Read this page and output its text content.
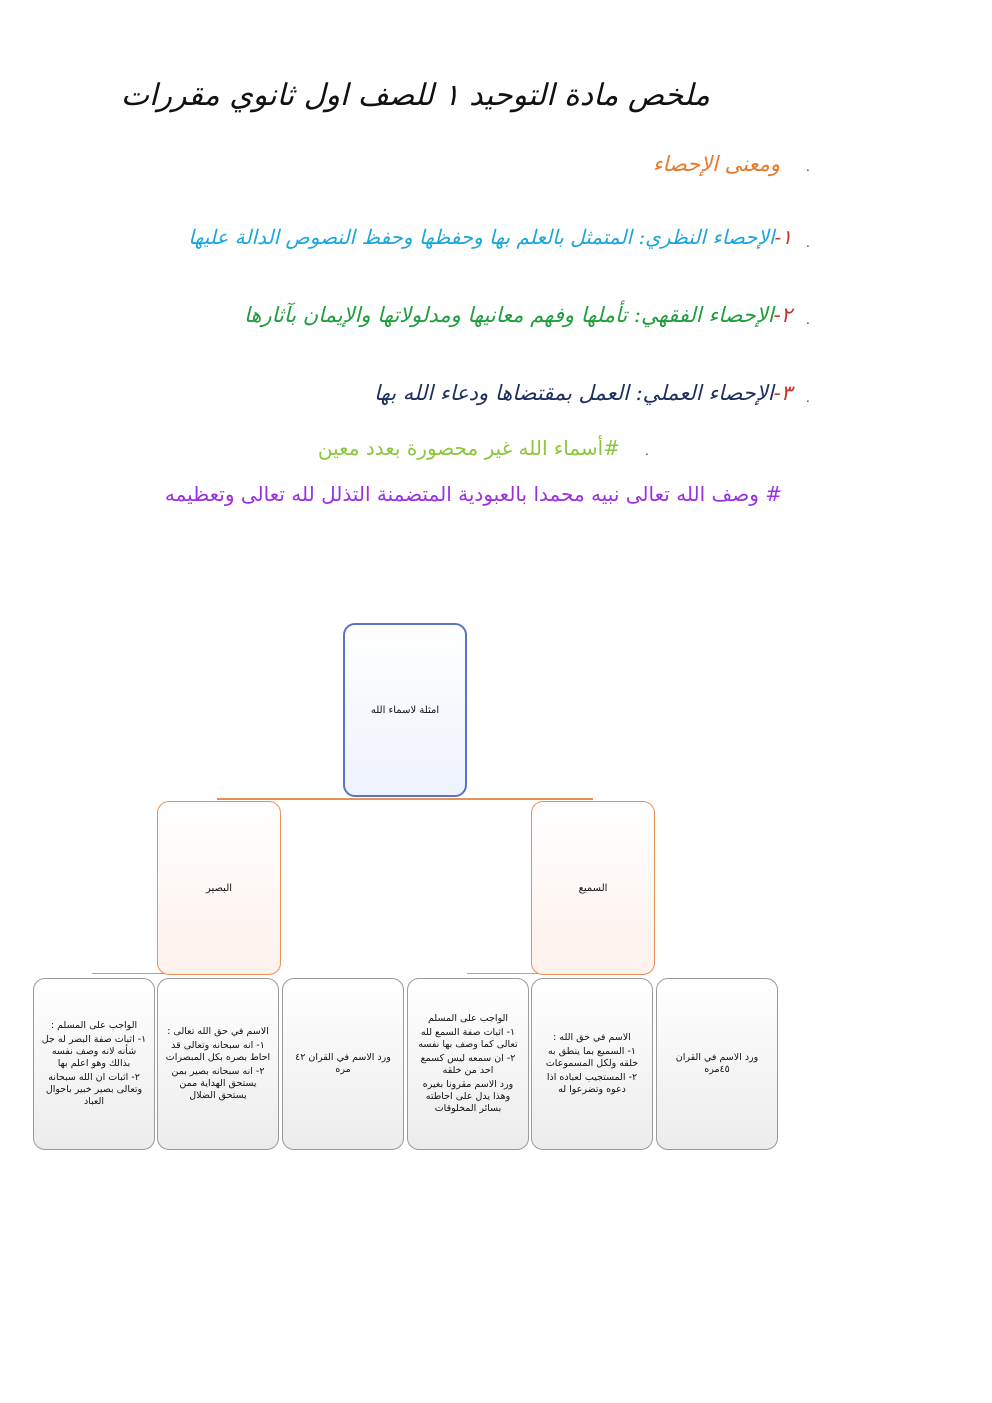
ملخص مادة التوحيد ١ للصف اول ثانوي مقررات
.
.
.
.
.
ومعنى الإحصاء
١-الإحصاء النظري: المتمثل بالعلم بها وحفظها وحفظ النصوص الدالة عليها
٢-الإحصاء الفقهي: تأملها وفهم معانيها ومدلولاتها والإيمان بآثارها
٣-الإحصاء العملي: العمل بمقتضاها ودعاء الله بها
#أسماء الله غير محصورة بعدد معين
# وصف الله تعالى نبيه محمدا بالعبودية المتضمنة التذلل لله تعالى وتعظيمه
امثلة لاسماء الله
البصير	السميع

الواجب على المسلم :

١- اثبات صفة البصر له جل شأنه لانه وصف نفسه بذالك وهو اعلم بها

٢- اثبات ان الله سبحانه وتعالى بصير خبير باحوال العباد

الاسم في حق الله تعالى :

١- انه سبحانه وتعالى قد احاط بصره بكل المبصرات

٢- انه سبحانه بصير بمن يستحق الهداية ممن يستحق الضلال

ورد الاسم في القران ٤٢ مره

الواجب على المسلم

١- اثبات صفة السمع لله تعالى كما وصف بها نفسه

٢- ان سمعه ليس كسمع احد من خلقه

ورد الاسم مقرونا بغيره وهذا يدل على احاطته بسائر المخلوقات

الاسم في حق الله :

١- السميع بما ينطق به خلقه ولكل المسموعات

٢- المستجيب لعباده اذا دعوه وتضرعوا له

ورد الاسم في القران ٤٥مره
